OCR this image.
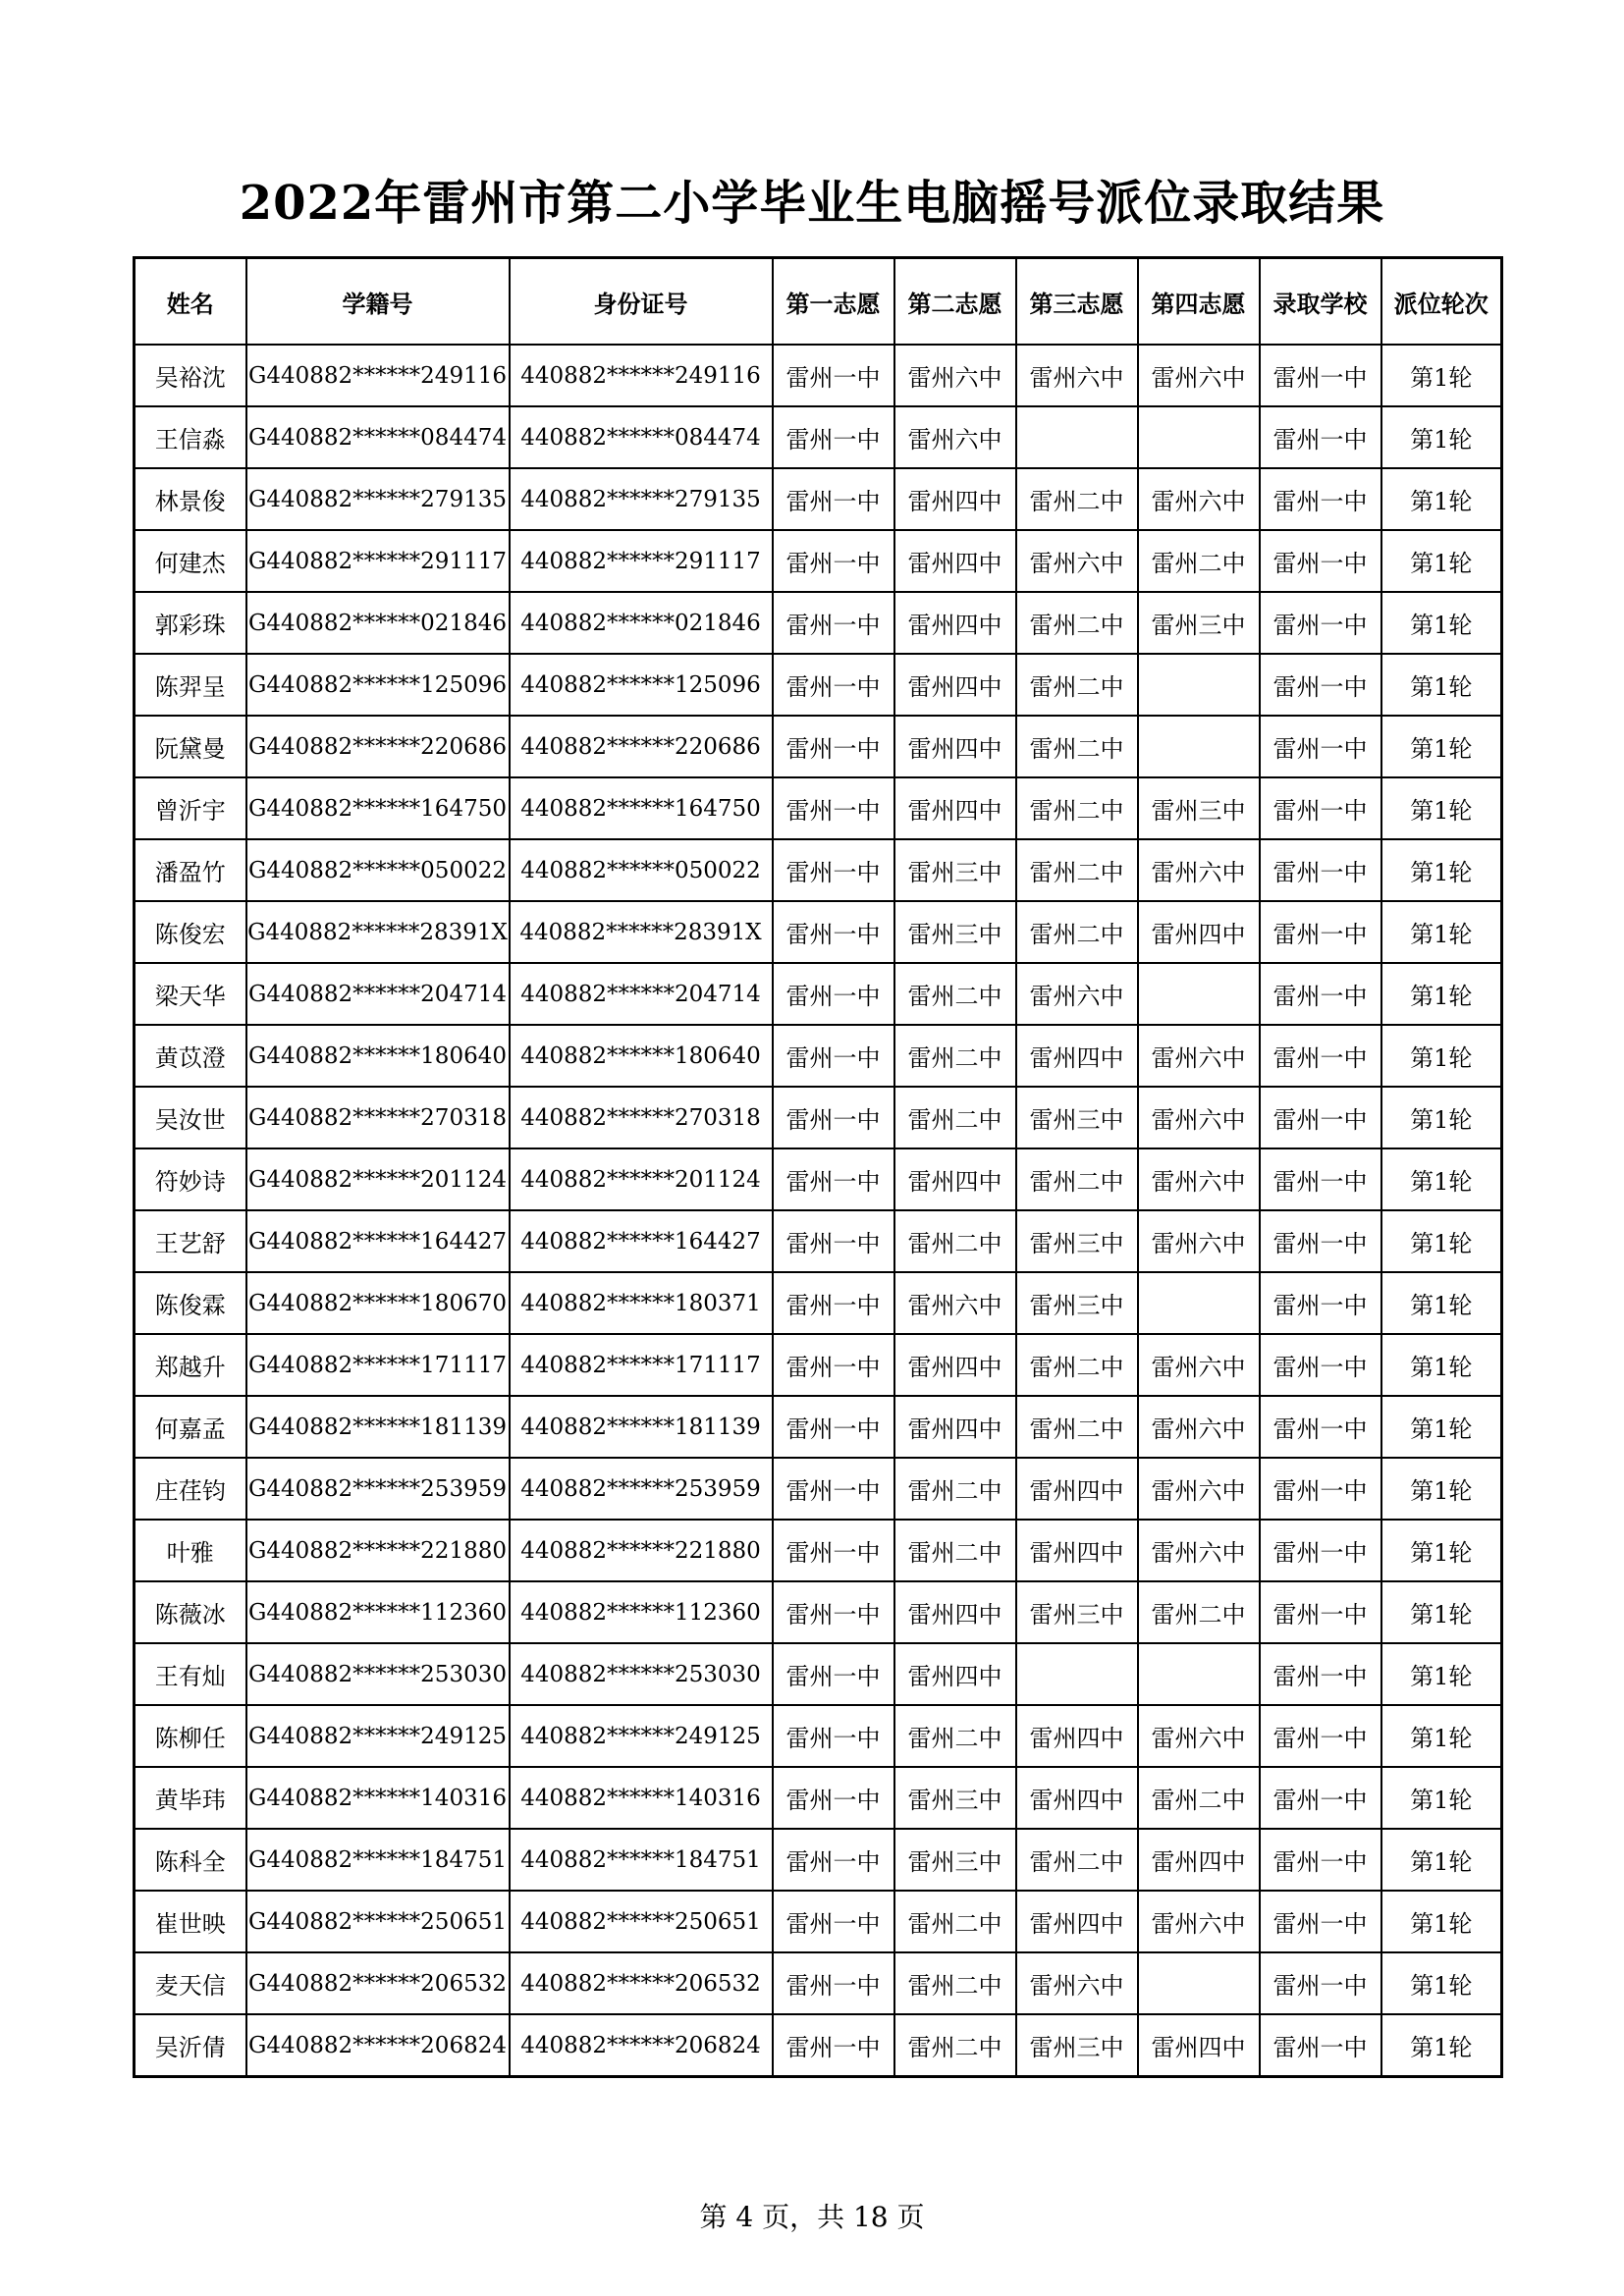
2022年雷州市第二小学毕业生电脑摇号派位录取结果
姓名	学籍号	身份证号	第一志愿	第二志愿	第三志愿	第四志愿	录取学校	派位轮次
吴裕沈	G440882******249116	440882******249116	雷州一中	雷州六中	雷州六中	雷州六中	雷州一中	第1轮
王信淼	G440882******084474	440882******084474	雷州一中	雷州六中			雷州一中	第1轮
林景俊	G440882******279135	440882******279135	雷州一中	雷州四中	雷州二中	雷州六中	雷州一中	第1轮
何建杰	G440882******291117	440882******291117	雷州一中	雷州四中	雷州六中	雷州二中	雷州一中	第1轮
郭彩珠	G440882******021846	440882******021846	雷州一中	雷州四中	雷州二中	雷州三中	雷州一中	第1轮
陈羿呈	G440882******125096	440882******125096	雷州一中	雷州四中	雷州二中		雷州一中	第1轮
阮黛曼	G440882******220686	440882******220686	雷州一中	雷州四中	雷州二中		雷州一中	第1轮
曾沂宇	G440882******164750	440882******164750	雷州一中	雷州四中	雷州二中	雷州三中	雷州一中	第1轮
潘盈竹	G440882******050022	440882******050022	雷州一中	雷州三中	雷州二中	雷州六中	雷州一中	第1轮
陈俊宏	G440882******28391X	440882******28391X	雷州一中	雷州三中	雷州二中	雷州四中	雷州一中	第1轮
梁天华	G440882******204714	440882******204714	雷州一中	雷州二中	雷州六中		雷州一中	第1轮
黄苡澄	G440882******180640	440882******180640	雷州一中	雷州二中	雷州四中	雷州六中	雷州一中	第1轮
吴汝世	G440882******270318	440882******270318	雷州一中	雷州二中	雷州三中	雷州六中	雷州一中	第1轮
符妙诗	G440882******201124	440882******201124	雷州一中	雷州四中	雷州二中	雷州六中	雷州一中	第1轮
王艺舒	G440882******164427	440882******164427	雷州一中	雷州二中	雷州三中	雷州六中	雷州一中	第1轮
陈俊霖	G440882******180670	440882******180371	雷州一中	雷州六中	雷州三中		雷州一中	第1轮
郑越升	G440882******171117	440882******171117	雷州一中	雷州四中	雷州二中	雷州六中	雷州一中	第1轮
何嘉孟	G440882******181139	440882******181139	雷州一中	雷州四中	雷州二中	雷州六中	雷州一中	第1轮
庄荏钧	G440882******253959	440882******253959	雷州一中	雷州二中	雷州四中	雷州六中	雷州一中	第1轮
叶雅	G440882******221880	440882******221880	雷州一中	雷州二中	雷州四中	雷州六中	雷州一中	第1轮
陈薇冰	G440882******112360	440882******112360	雷州一中	雷州四中	雷州三中	雷州二中	雷州一中	第1轮
王有灿	G440882******253030	440882******253030	雷州一中	雷州四中			雷州一中	第1轮
陈柳任	G440882******249125	440882******249125	雷州一中	雷州二中	雷州四中	雷州六中	雷州一中	第1轮
黄毕玮	G440882******140316	440882******140316	雷州一中	雷州三中	雷州四中	雷州二中	雷州一中	第1轮
陈科全	G440882******184751	440882******184751	雷州一中	雷州三中	雷州二中	雷州四中	雷州一中	第1轮
崔世映	G440882******250651	440882******250651	雷州一中	雷州二中	雷州四中	雷州六中	雷州一中	第1轮
麦天信	G440882******206532	440882******206532	雷州一中	雷州二中	雷州六中		雷州一中	第1轮
吴沂倩	G440882******206824	440882******206824	雷州一中	雷州二中	雷州三中	雷州四中	雷州一中	第1轮
第 4 页，共 18 页
